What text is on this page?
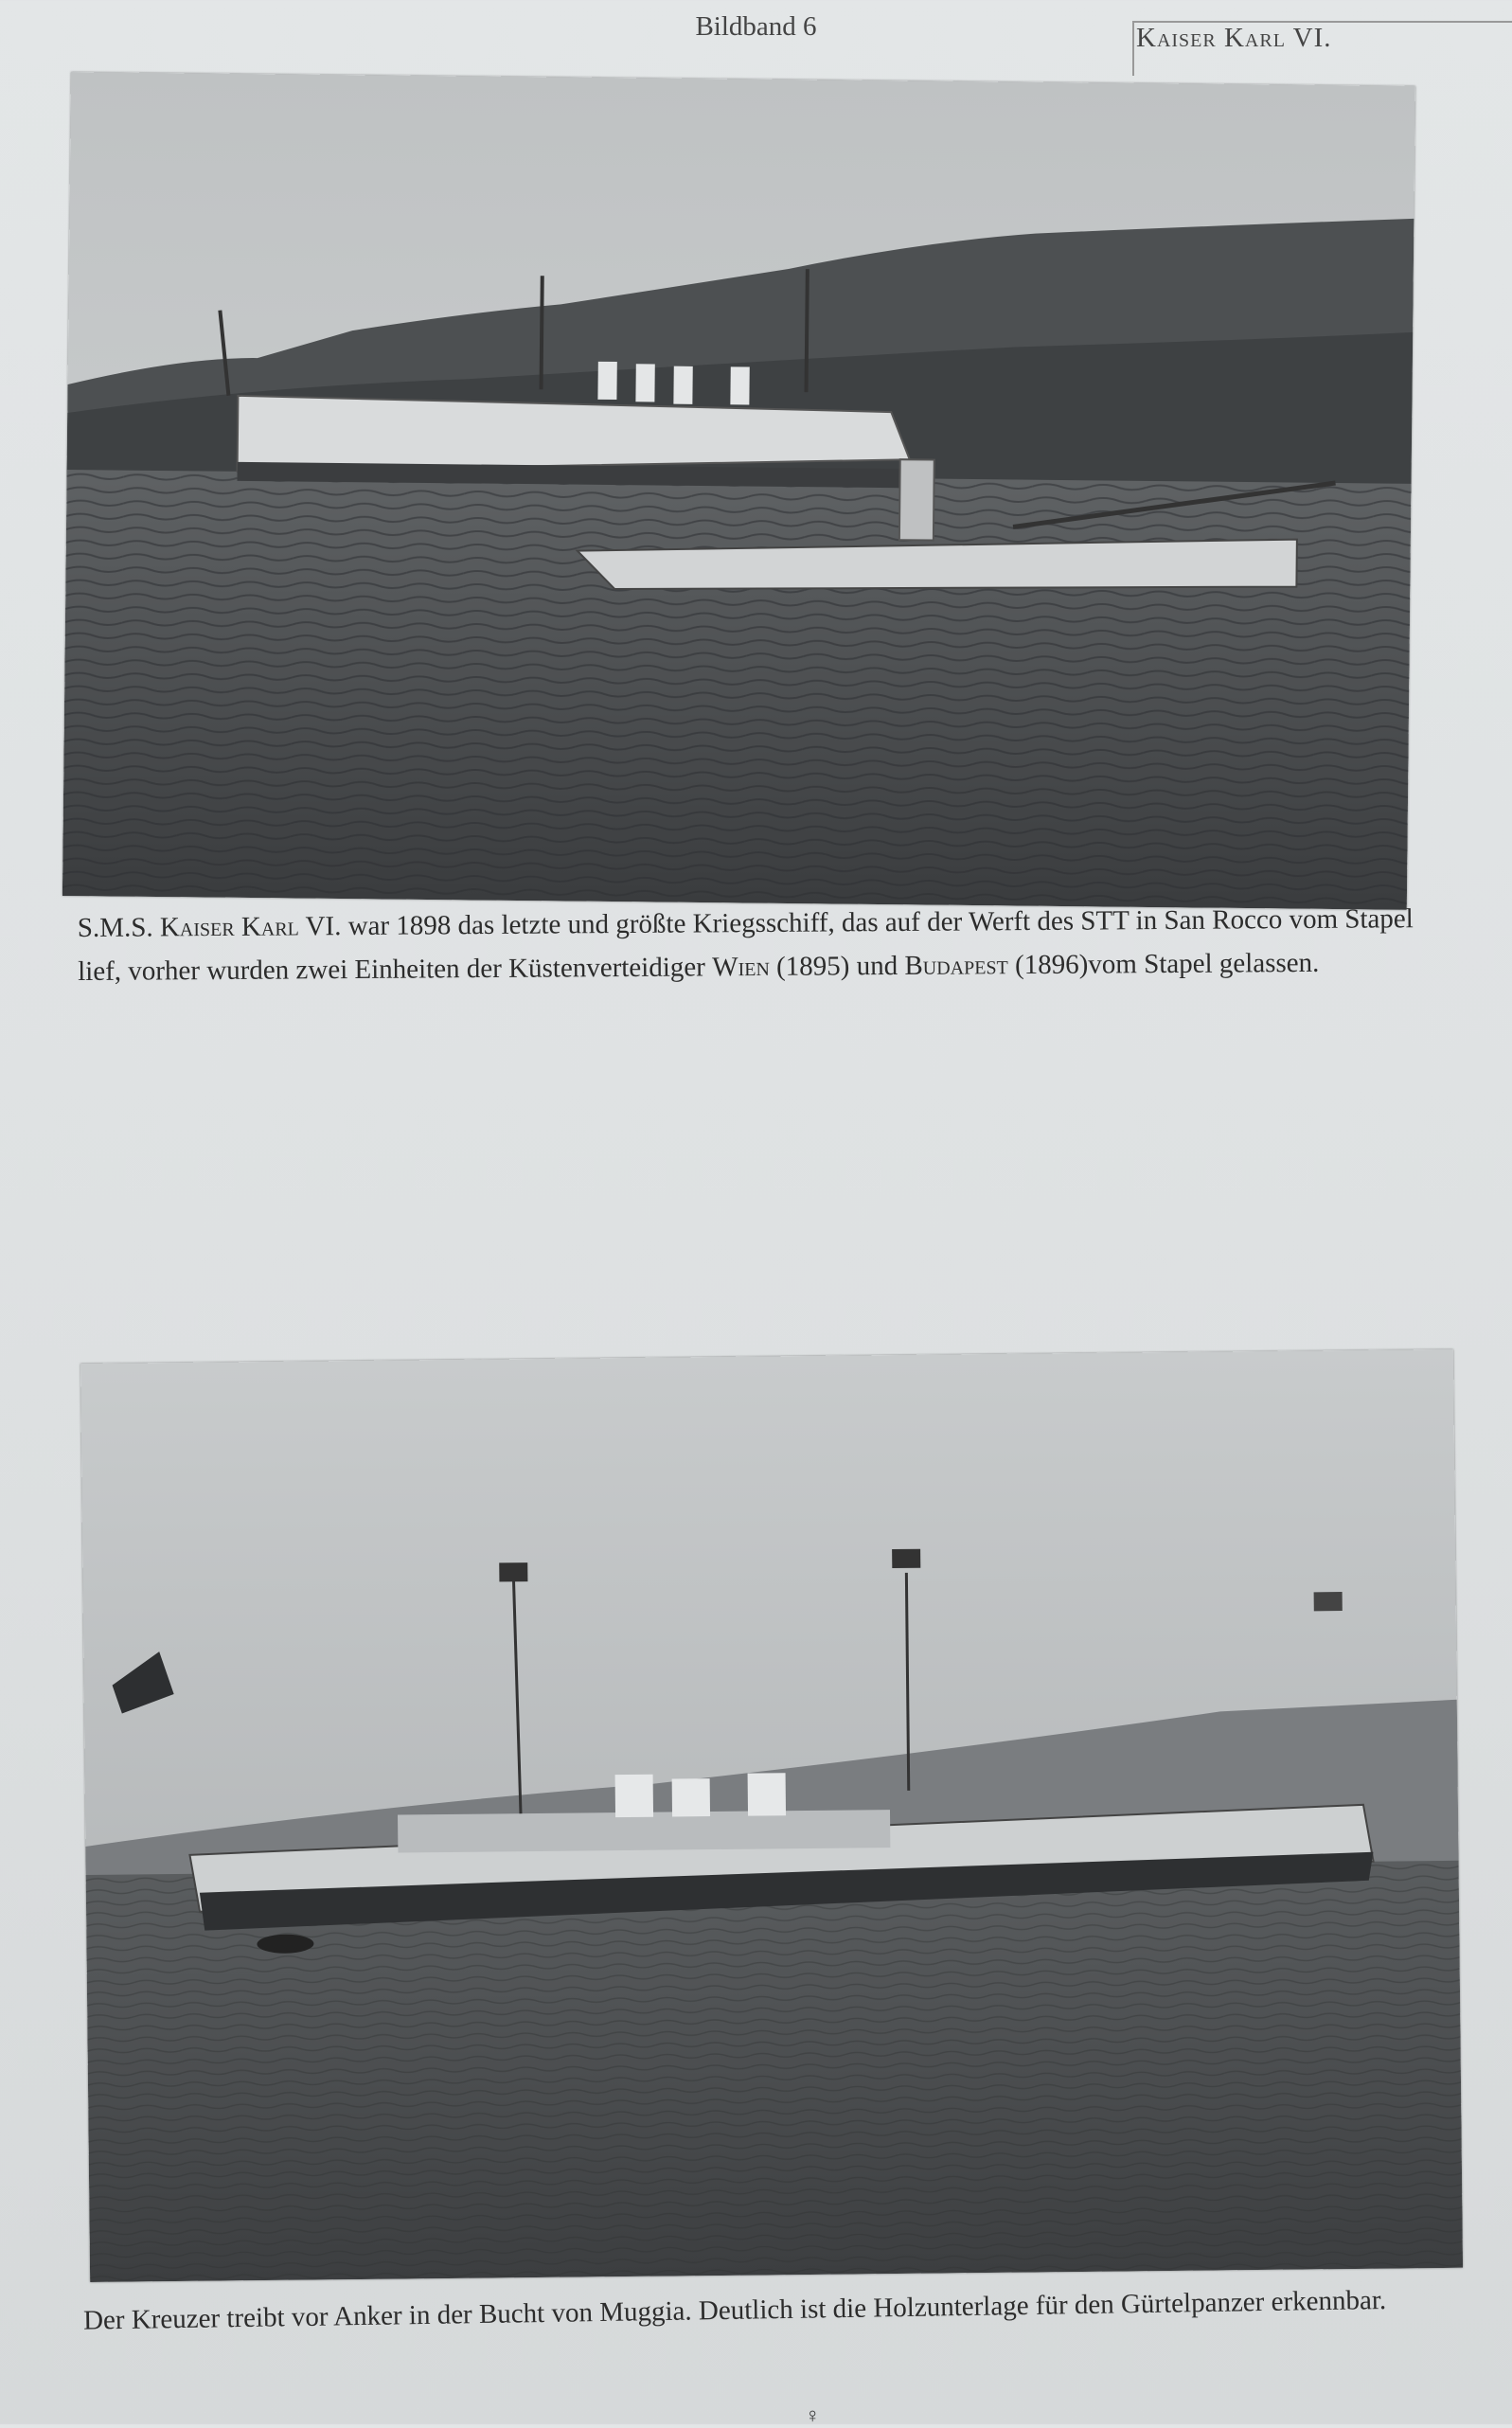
Bildband 6	Kaiser Karl VI.
S.M.S. Kaiser Karl VI. war 1898 das letzte und größte Kriegsschiff, das auf der Werft des STT in San Rocco vom Stapel lief, vorher wurden zwei Einheiten der Küstenverteidiger Wien (1895) und Budapest (1896)vom Stapel gelassen.
Der Kreuzer treibt vor Anker in der Bucht von Muggia. Deutlich ist die Holzunterlage für den Gürtelpanzer erkennbar.
♀
